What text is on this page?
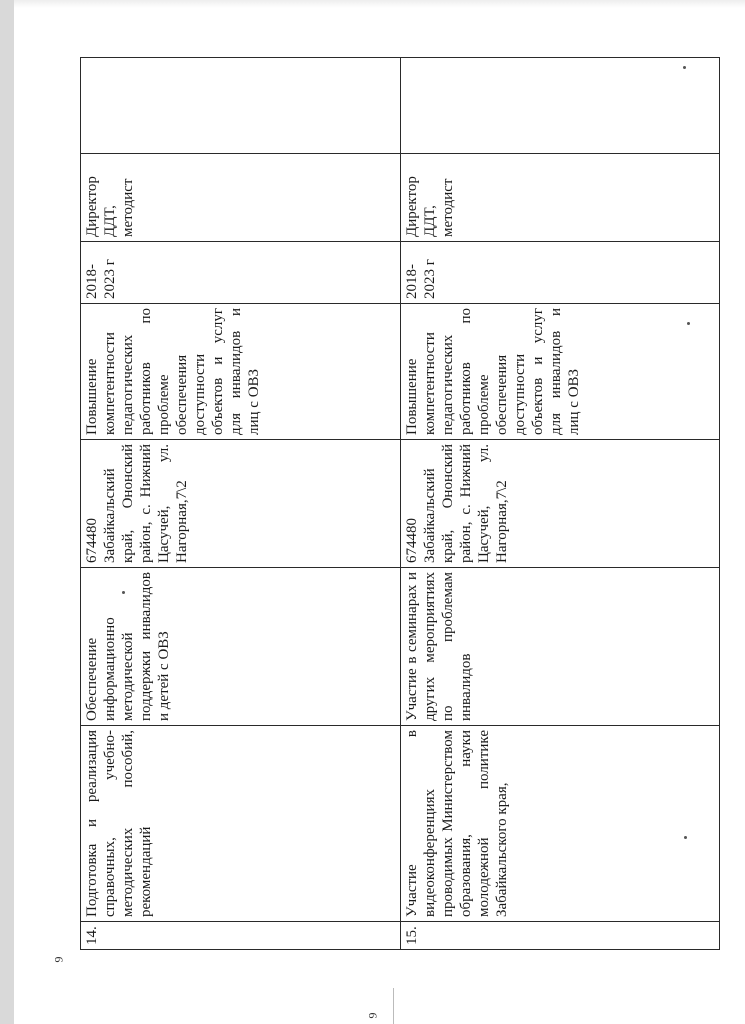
9
9
14.	Подготовка и реализация справочных, учебно-методических пособий, рекомендаций	Обеспечение информационно методической поддержки инвалидов и детей с ОВЗ	674480 Забайкальский край, Ононский район, с. Нижний Цасучей, ул. Нагорная,7\2	Повышение компетентности педагогических работников по проблеме обеспечения доступности объектов и услуг для инвалидов и лиц с ОВЗ	2018-2023 г	Директор ДДТ, методист	
15.	Участие в видеоконференциях проводимых Министерством образования, науки молодежной политике Забайкальского края,	Участие в семинарах и других мероприятиях по проблемам инвалидов	674480 Забайкальский край, Ононский район, с. Нижний Цасучей, ул. Нагорная,7\2	Повышение компетентности педагогических работников по проблеме обеспечения доступности объектов и услуг для инвалидов и лиц с ОВЗ	2018-2023 г	Директор ДДТ, методист	
